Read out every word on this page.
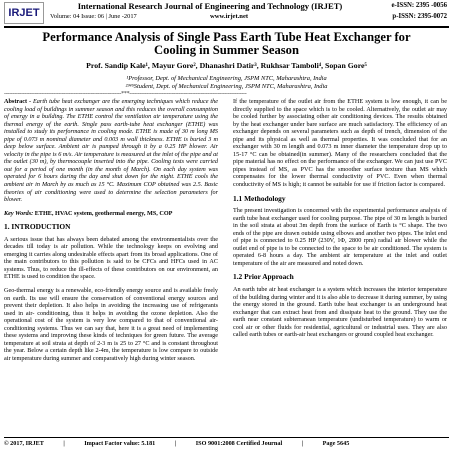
IRJET
International Research Journal of Engineering and Technology (IRJET)
Volume: 04 Issue: 06 | June -2017	www.irjet.net
e-ISSN: 2395 -0056
p-ISSN: 2395-0072
Performance Analysis of Single Pass Earth Tube Heat Exchanger for Cooling in Summer Season
Prof. Sandip Kale¹, Mayur Gore², Dhanashri Datir³, Rukhsar Tamboli⁴, Sopan Gore⁵
¹Professor, Dept. of Mechanical Engineering, JSPM NTC, Maharashtra, India
²³⁴⁵Student, Dept. of Mechanical Engineering, JSPM NTC, Maharashtra, India
---------------------------------------------------------------------***---------------------------------------------------------------------

Abstract - Earth tube heat exchanger are the emerging techniques which reduce the cooling load of buildings in summer season and this reduces the overall consumption of energy in a building. The ETHE control the ventilation air temperature using the thermal energy of the earth. Single pass earth-tube heat exchanger (ETHE) was installed to study its performance in cooling mode. ETHE is made of 30 m long MS pipe of 0.073 m nominal diameter and 0.003 m wall thickness. ETHE is buried 3 m deep below surface. Ambient air is pumped through it by a 0.25 HP blower. Air velocity in the pipe is 6 m/s. Air temperature is measured at the inlet of the pipe and at the outlet (30 m), by thermocouple inserted into the pipe. Cooling tests were carried out for a period of one month (in the month of March). On each day system was operated for 6 hours during the day and shut down for the night. ETHE cools the ambient air in March by as much as 15 °C. Maximum COP obtained was 2.5. Basic theories of air conditioning were used to determine the selection parameters for blower.

Key Words: ETHE, HVAC system, geothermal energy, MS, COP

1. INTRODUCTION

A serious issue that has always been debated among the environmentalists over the decades till today is air pollution. While the technology keeps on evolving and emerging it carries along undesirable effects apart from its broad applications. One of the main contributors to this pollution is said to be CFCs and HFCs used in AC systems. Thus, to reduce the ill-effects of these contributors on our environment, an ETHE is used to condition the space.

Geo-thermal energy is a renewable, eco-friendly energy source and is available freely on earth. Its use will ensure the conservation of conventional energy sources and prevent their depletion. It also helps in avoiding the increasing use of refrigerants used in air- conditioning, thus it helps in avoiding the ozone depletion. Also the operational cost of the system is very low compared to that of conventional air-conditioning systems. Thus we can say that, here it is a great need of implementing these systems and improving these kinds of techniques for green future. The average temperature at soil strata at depth of 2-3 m is 25 to 27 °C and is constant throughout the year. Below a certain depth like 2-4m, the temperature is low compare to outside air temperature during summer and comparatively high during winter season.

If the temperature of the outlet air from the ETHE system is low enough, it can be directly supplied to the space which is to be cooled. Alternatively, the outlet air may be cooled further by associating other air conditioning devices. The results obtained by the heat exchanger under bare surface are much satisfactory. The efficiency of an exchanger depends on several parameters such as depth of trench, dimension of the pipe and its physical as well as thermal properties. It was concluded that for an exchanger with 30 m length and 0.073 m inner diameter the temperature drop up to 15-17 °C can be obtained(in summer). Many of the researchers concluded that the pipe material has no effect on the performance of the exchanger. We can just use PVC pipes instead of MS, as PVC has the smoother surface texture than MS which compensates for the lower thermal conductivity of PVC. Even when thermal conductivity of MS is high; it cannot be suitable for use if friction factor is compared.

1.1 Methodology

The present investigation is concerned with the experimental performance analysis of earth tube heat exchanger used for cooling purpose. The pipe of 30 m length is buried in the soil strata at about 3m depth from the surface of Earth is °C shape. The two ends of the pipe are drawn outside using elbows and another two pipes. The inlet end of pipe is connected to 0.25 HP (230V, 1Φ, 2800 rpm) radial air blower while the outlet end of pipe is to be connected to the space to be air conditioned. The system is operated 6-8 hours a day. The ambient air temperature at the inlet and outlet temperature of the air are measured and noted down.

1.2 Prior Approach

An earth tube air heat exchanger is a system which increases the interior temperature of the building during winter and it is also able to decrease it during summer, by using the energy stored in the ground. Earth tube heat exchanger is an underground heat exchanger that can extract heat from and dissipate heat to the ground. They use the earth near constant subterranean temperature (undisturbed temperature) to warm or cool air or other fluids for residential, agricultural or industrial uses. They are also called earth tubes or earth-air heat exchangers or ground coupled heat exchanger.

© 2017, IRJET	|	Impact Factor value: 5.181	|	ISO 9001:2008 Certified Journal	|	Page 5645
